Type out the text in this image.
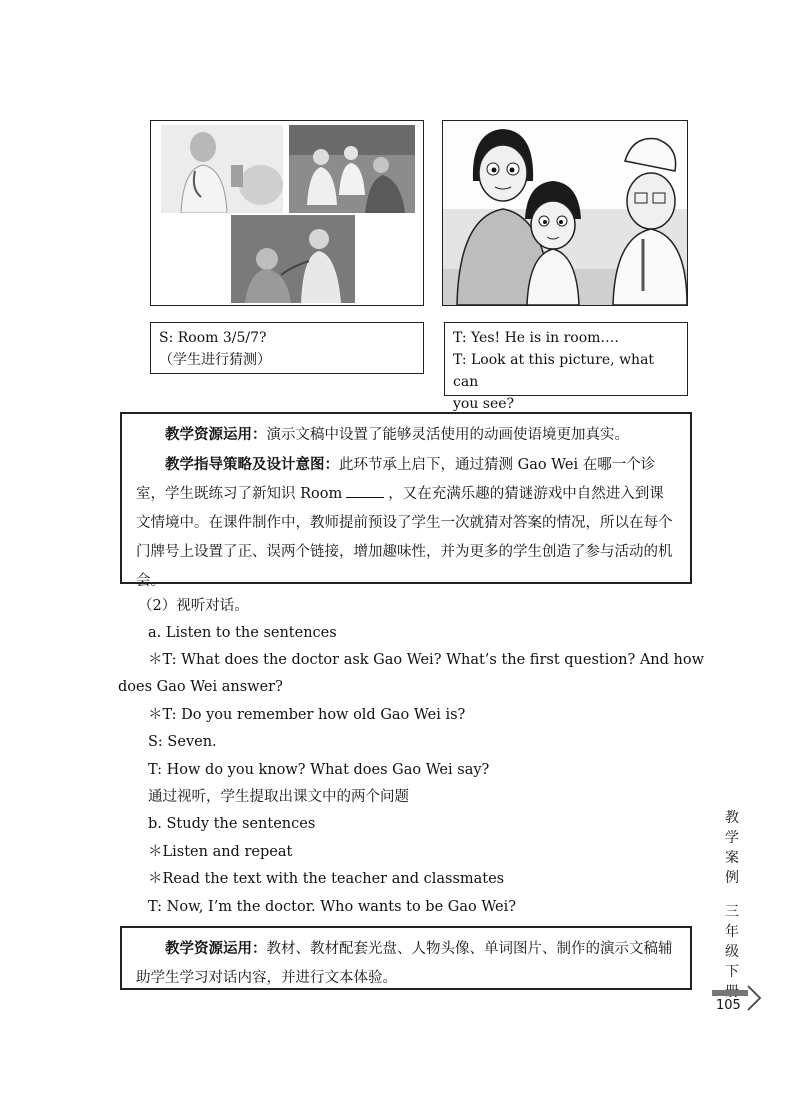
S: Room 3/5/7?
（学生进行猜测）
T: Yes! He is in room….
T: Look at this picture, what can
you see?

教学资源运用：演示文稿中设置了能够灵活使用的动画使语境更加真实。

教学指导策略及设计意图：此环节承上启下，通过猜测 Gao Wei 在哪一个诊室，学生既练习了新知识 Room	，又在充满乐趣的猜谜游戏中自然进入到课文情境中。在课件制作中，教师提前预设了学生一次就猜对答案的情况，所以在每个门牌号上设置了正、误两个链接，增加趣味性，并为更多的学生创造了参与活动的机会。

（2）视听对话。
a. Listen to the sentences
＊T: What does the doctor ask Gao Wei? What’s the first question? And how
does Gao Wei answer?
＊T: Do you remember how old Gao Wei is?
S: Seven.
T: How do you know? What does Gao Wei say?
通过视听，学生提取出课文中的两个问题
b. Study the sentences
＊Listen and repeat
＊Read the text with the teacher and classmates
T: Now, I’m the doctor. Who wants to be Gao Wei?

教学资源运用：教材、教材配套光盘、人物头像、单词图片、制作的演示文稿辅助学生学习对话内容，并进行文本体验。

教
学
案
例
三
年
级
下
105
